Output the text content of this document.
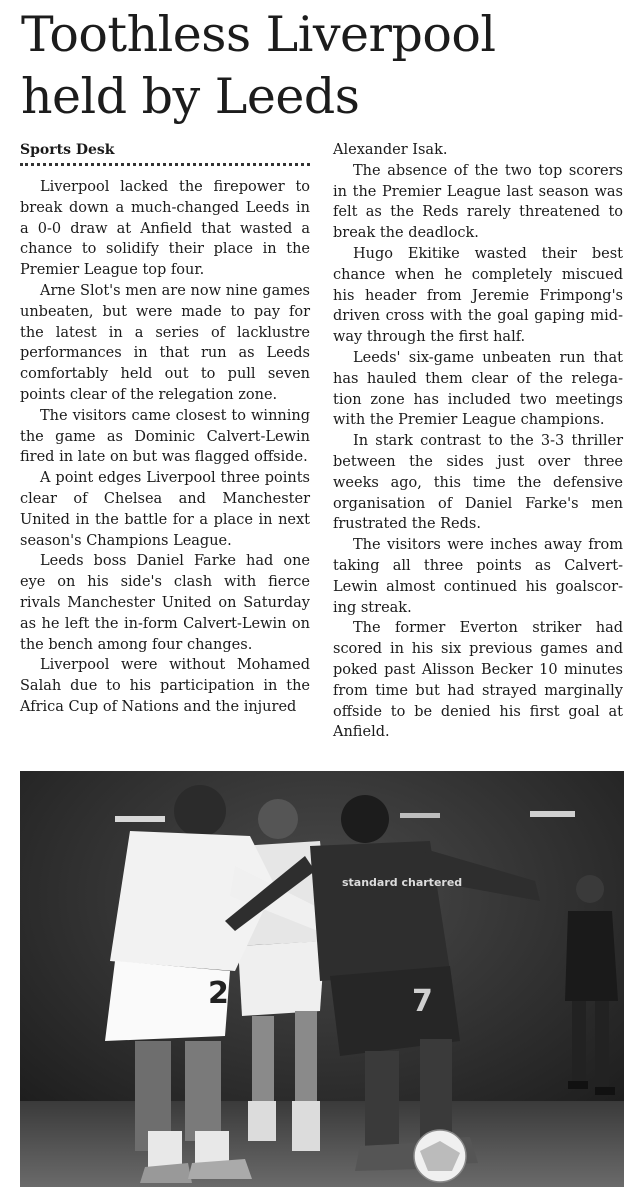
Toothless Liverpool
held by Leeds
Sports Desk

Liverpool lacked the firepower to break down a much-changed Leeds in a 0-0 draw at Anfield that wasted a chance to solidify their place in the Premier League top four.

Arne Slot's men are now nine games unbeaten, but were made to pay for the latest in a series of lacklustre performances in that run as Leeds comfortably held out to pull seven points clear of the relegation zone.

The visitors came closest to winning the game as Dominic Calvert-Lewin fired in late on but was flagged offside.

A point edges Liverpool three points clear of Chelsea and Manchester United in the battle for a place in next season's Champions League.

Leeds boss Daniel Farke had one eye on his side's clash with fierce rivals Manchester United on Saturday as he left the in-form Calvert-Lewin on the bench among four changes.

Liverpool were without Mohamed Salah due to his participation in the Africa Cup of Nations and the injured

Alexander Isak.

The absence of the two top scorers in the Premier League last season was felt as the Reds rarely threatened to break the deadlock.

Hugo Ekitike wasted their best chance when he completely miscued his header from Jeremie Frimpong's driven cross with the goal gaping midway through the first half.

Leeds' six-game unbeaten run that has hauled them clear of the relegation zone has included two meetings with the Premier League champions.

In stark contrast to the 3-3 thriller between the sides just over three weeks ago, this time the defensive organisation of Daniel Farke's men frustrated the Reds.

The visitors were inches away from taking all three points as Calvert-Lewin almost continued his goalscoring streak.

The former Everton striker had scored in his six previous games and poked past Alisson Becker 10 minutes from time but had strayed marginally offside to be denied his first goal at Anfield.

2
standard chartered
7
